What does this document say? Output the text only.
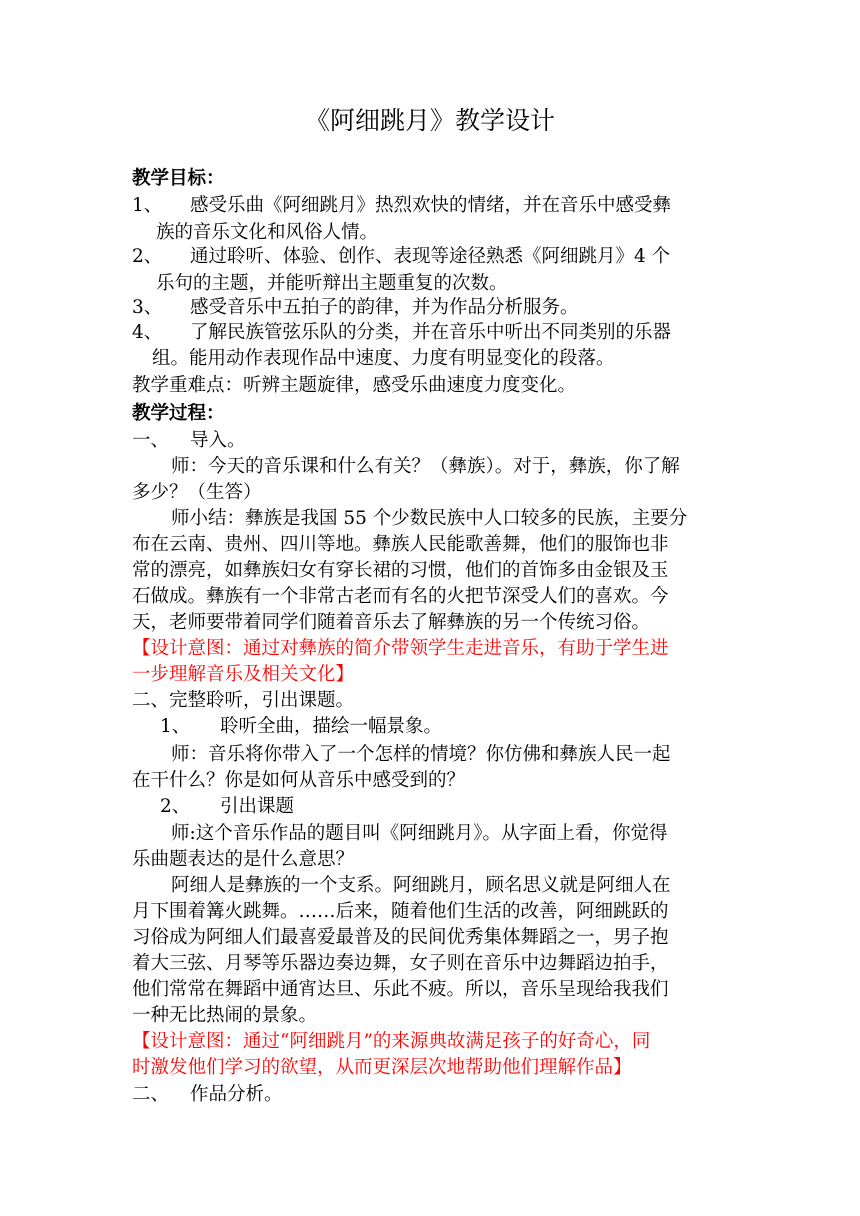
《阿细跳月》教学设计
教学目标：
1、 感受乐曲《阿细跳月》热烈欢快的情绪，并在音乐中感受彝
族的音乐文化和风俗人情。
2、 通过聆听、体验、创作、表现等途径熟悉《阿细跳月》4 个
乐句的主题，并能听辩出主题重复的次数。
3、 感受音乐中五拍子的韵律，并为作品分析服务。
4、 了解民族管弦乐队的分类，并在音乐中听出不同类别的乐器
组。能用动作表现作品中速度、力度有明显变化的段落。
教学重难点：听辨主题旋律，感受乐曲速度力度变化。
教学过程：
一、 导入。
师：今天的音乐课和什么有关？（彝族）。对于，彝族，你了解
多少？（生答）
师小结：彝族是我国 55 个少数民族中人口较多的民族，主要分
布在云南、贵州、四川等地。彝族人民能歌善舞，他们的服饰也非
常的漂亮，如彝族妇女有穿长裙的习惯，他们的首饰多由金银及玉
石做成。彝族有一个非常古老而有名的火把节深受人们的喜欢。今
天，老师要带着同学们随着音乐去了解彝族的另一个传统习俗。
【设计意图：通过对彝族的简介带领学生走进音乐，有助于学生进
一步理解音乐及相关文化】
二、完整聆听，引出课题。
1、 聆听全曲，描绘一幅景象。
师：音乐将你带入了一个怎样的情境？你仿佛和彝族人民一起
在干什么？你是如何从音乐中感受到的？
2、 引出课题
师:这个音乐作品的题目叫《阿细跳月》。从字面上看，你觉得
乐曲题表达的是什么意思？
阿细人是彝族的一个支系。阿细跳月，顾名思义就是阿细人在
月下围着篝火跳舞。……后来，随着他们生活的改善，阿细跳跃的
习俗成为阿细人们最喜爱最普及的民间优秀集体舞蹈之一，男子抱
着大三弦、月琴等乐器边奏边舞，女子则在音乐中边舞蹈边拍手，
他们常常在舞蹈中通宵达旦、乐此不疲。所以，音乐呈现给我我们
一种无比热闹的景象。
【设计意图：通过“阿细跳月”的来源典故满足孩子的好奇心，同
时激发他们学习的欲望，从而更深层次地帮助他们理解作品】
二、 作品分析。
